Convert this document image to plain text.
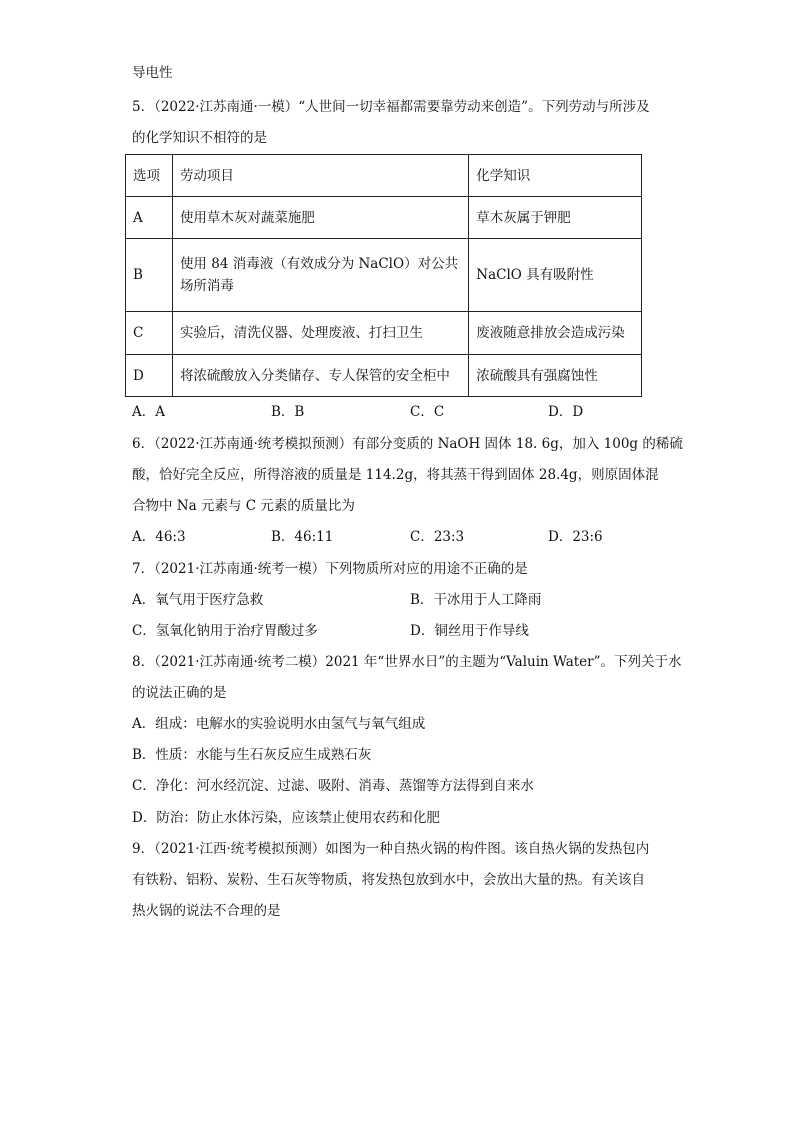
导电性
5．（2022·江苏南通·一模）“人世间一切幸福都需要靠劳动来创造”。下列劳动与所涉及
的化学知识不相符的是
选项	劳动项目	化学知识
A	使用草木灰对蔬菜施肥	草木灰属于钾肥
B	使用 84 消毒液（有效成分为 NaClO）对公共场所消毒	NaClO 具有吸附性
C	实验后，清洗仪器、处理废液、打扫卫生	废液随意排放会造成污染
D	将浓硫酸放入分类储存、专人保管的安全柜中	浓硫酸具有强腐蚀性
A．A	B．B	C．C	D．D
6．（2022·江苏南通·统考模拟预测）有部分变质的 NaOH 固体 18. 6g，加入 100g 的稀硫
酸，恰好完全反应，所得溶液的质量是 114.2g，将其蒸干得到固体 28.4g，则原固体混
合物中 Na 元素与 C 元素的质量比为
A．46:3	B．46:11	C．23:3	D．23:6
7．（2021·江苏南通·统考一模）下列物质所对应的用途不正确的是
A．氧气用于医疗急救	B．干冰用于人工降雨
C．氢氧化钠用于治疗胃酸过多	D．铜丝用于作导线
8．（2021·江苏南通·统考二模）2021 年“世界水日”的主题为“Valuin Water”。下列关于水
的说法正确的是
A．组成：电解水的实验说明水由氢气与氧气组成
B．性质：水能与生石灰反应生成熟石灰
C．净化：河水经沉淀、过滤、吸附、消毒、蒸馏等方法得到自来水
D．防治：防止水体污染，应该禁止使用农药和化肥
9．（2021·江西·统考模拟预测）如图为一种自热火锅的构件图。该自热火锅的发热包内
有铁粉、铝粉、炭粉、生石灰等物质，将发热包放到水中，会放出大量的热。有关该自
热火锅的说法不合理的是
